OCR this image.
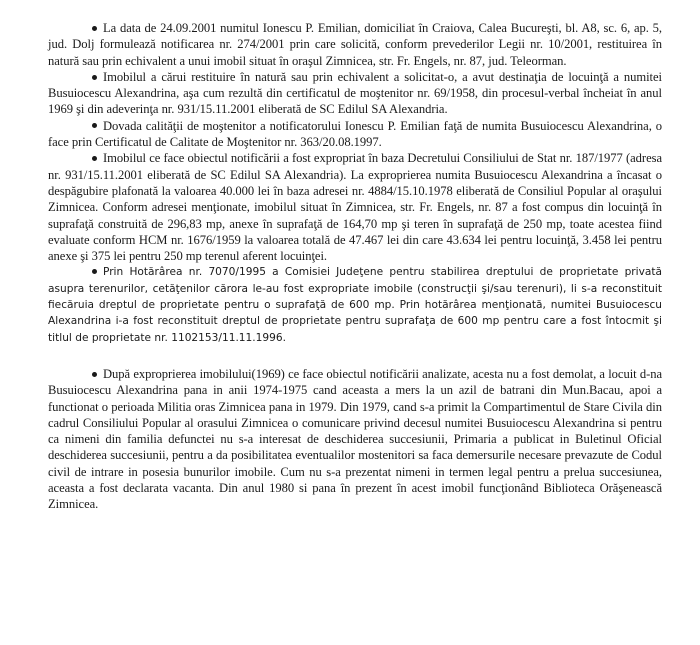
La data de 24.09.2001 numitul Ionescu P. Emilian, domiciliat în Craiova, Calea Bucureşti, bl. A8, sc. 6, ap. 5, jud. Dolj formulează notificarea nr. 274/2001 prin care solicită, conform prevederilor Legii nr. 10/2001, restituirea în natură sau prin echivalent a unui imobil situat în oraşul Zimnicea, str. Fr. Engels, nr. 87, jud. Teleorman.

Imobilul a cărui restituire în natură sau prin echivalent a solicitat-o, a avut destinaţia de locuinţă a numitei Busuiocescu Alexandrina, aşa cum rezultă din certificatul de moştenitor nr. 69/1958, din procesul-verbal încheiat în anul 1969 şi din adeverinţa nr. 931/15.11.2001 eliberată de SC Edilul SA Alexandria.

Dovada calităţii de moştenitor a notificatorului Ionescu P. Emilian faţă de numita Busuiocescu Alexandrina, o face prin Certificatul de Calitate de Moştenitor nr. 363/20.08.1997.

Imobilul ce face obiectul notificării a fost expropriat în baza Decretului Consiliului de Stat nr. 187/1977 (adresa nr. 931/15.11.2001 eliberată de SC Edilul SA Alexandria). La exproprierea numita Busuiocescu Alexandrina a încasat o despăgubire plafonată la valoarea 40.000 lei în baza adresei nr. 4884/15.10.1978 eliberată de Consiliul Popular al oraşului Zimnicea. Conform adresei menţionate, imobilul situat în Zimnicea, str. Fr. Engels, nr. 87 a fost compus din locuinţă în suprafaţă construită de 296,83 mp, anexe în suprafaţă de 164,70 mp şi teren în suprafaţă de 250 mp, toate acestea fiind evaluate conform HCM nr. 1676/1959 la valoarea totală de 47.467 lei din care 43.634 lei pentru locuinţă, 3.458 lei pentru anexe şi 375 lei pentru 250 mp terenul aferent locuinţei.

Prin Hotărârea nr. 7070/1995 a Comisiei Judeţene pentru stabilirea dreptului de proprietate privată asupra terenurilor, cetăţenilor cărora le-au fost expropriate imobile (construcţii şi/sau terenuri), li s-a reconstituit fiecăruia dreptul de proprietate pentru o suprafaţă de 600 mp. Prin hotărârea menţionată, numitei Busuiocescu Alexandrina i-a fost reconstituit dreptul de proprietate pentru suprafaţa de 600 mp pentru care a fost întocmit şi titlul de proprietate nr. 1102153/11.11.1996.

După exproprierea imobilului(1969) ce face obiectul notificării analizate, acesta nu a fost demolat, a locuit d-na Busuiocescu Alexandrina pana in anii 1974-1975 cand aceasta a mers la un azil de batrani din Mun.Bacau, apoi a functionat o perioada Militia oras Zimnicea pana in 1979. Din 1979, cand s-a primit la Compartimentul de Stare Civila din cadrul Consiliului Popular al orasului Zimnicea o comunicare privind decesul numitei Busuiocescu Alexandrina si pentru ca nimeni din familia defunctei nu s-a interesat de deschiderea succesiunii, Primaria a publicat in Buletinul Oficial deschiderea succesiunii, pentru a da posibilitatea eventualilor mostenitori sa faca demersurile necesare prevazute de Codul civil de intrare in posesia bunurilor imobile. Cum nu s-a prezentat nimeni in termen legal pentru a prelua succesiunea, aceasta a fost declarata vacanta. Din anul 1980 si pana în prezent în acest imobil funcţionând Biblioteca Orăşenească Zimnicea.
